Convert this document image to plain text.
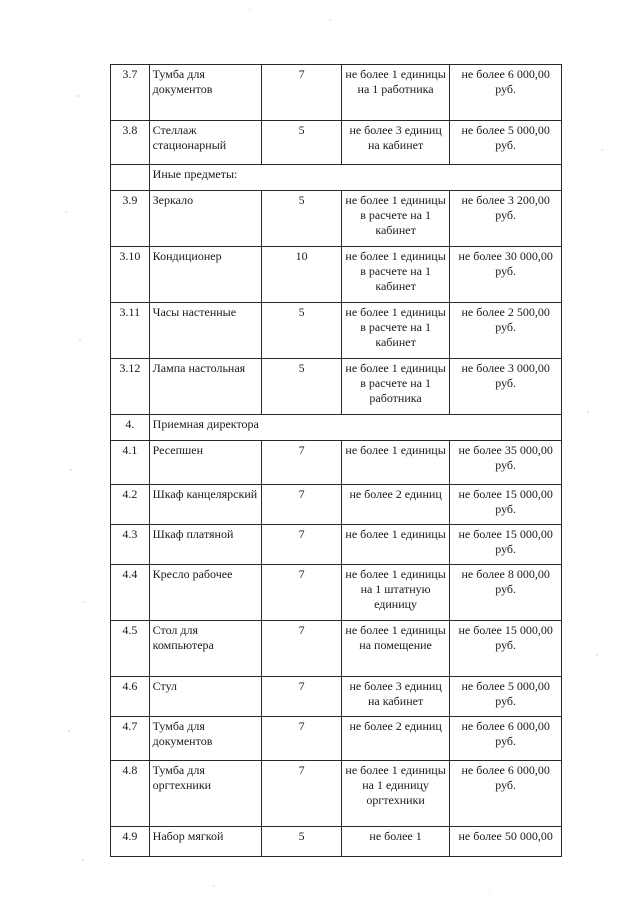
3.7	Тумба для документов	7	не более 1 единицы на 1 работника	не более 6 000,00 руб.
3.8	Стеллаж стационарный	5	не более 3 единиц на кабинет	не более 5 000,00 руб.
	Иные предметы:			
3.9	Зеркало	5	не более 1 единицы в расчете на 1 кабинет	не более 3 200,00 руб.
3.10	Кондиционер	10	не более 1 единицы в расчете на 1 кабинет	не более 30 000,00 руб.
3.11	Часы настенные	5	не более 1 единицы в расчете на 1 кабинет	не более 2 500,00 руб.
3.12	Лампа настольная	5	не более 1 единицы в расчете на 1 работника	не более 3 000,00 руб.
4.	Приемная директора			
4.1	Ресепшен	7	не более 1 единицы	не более 35 000,00 руб.
4.2	Шкаф канцелярский	7	не более 2 единиц	не более 15 000,00 руб.
4.3	Шкаф платяной	7	не более 1 единицы	не более 15 000,00 руб.
4.4	Кресло рабочее	7	не более 1 единицы на 1 штатную единицу	не более 8 000,00 руб.
4.5	Стол для компьютера	7	не более 1 единицы на помещение	не более 15 000,00 руб.
4.6	Стул	7	не более 3 единиц на кабинет	не более 5 000,00 руб.
4.7	Тумба для документов	7	не более 2 единиц	не более 6 000,00 руб.
4.8	Тумба для оргтехники	7	не более 1 единицы на 1 единицу оргтехники	не более 6 000,00 руб.
4.9	Набор мягкой	5	не более 1	не более 50 000,00
